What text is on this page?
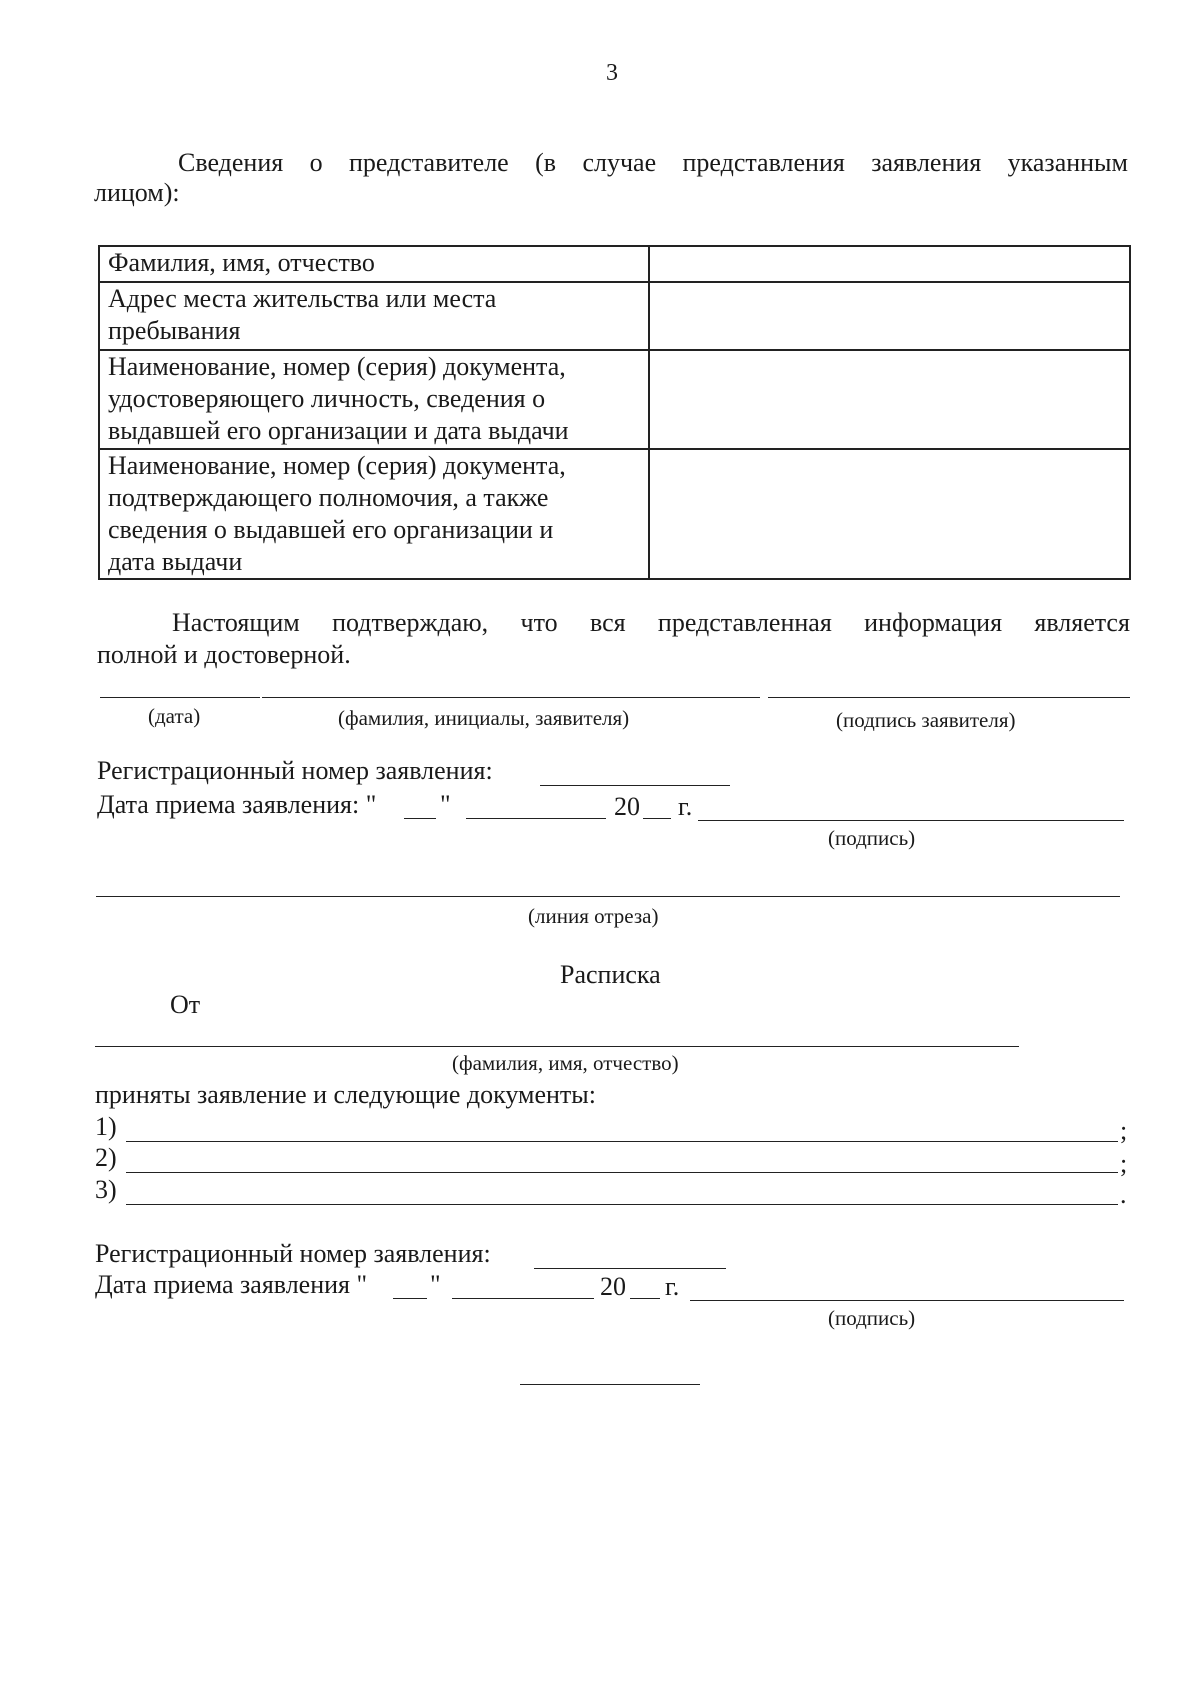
3
Сведения о представителе (в случае представления заявления указанным
лицом):
Фамилия, имя, отчество	

Адрес места жительства или места
пребывания	

Наименование, номер (серия) документа,
удостоверяющего личность, сведения о
выдавшей его организации и дата выдачи	

Наименование, номер (серия) документа,
подтверждающего полномочия, а также
сведения о выдавшей его организации и
дата выдачи	

Настоящим подтверждаю, что вся представленная информация является
полной и достоверной.
(дата)	(фамилия, инициалы, заявителя)	(подпись заявителя)
Регистрационный номер заявления:
Дата приема заявления: " "	20 г.
(подпись)
(линия отреза)
Расписка
От
(фамилия, имя, отчество)
приняты заявление и следующие документы:
1)	;
2)	;
3)	.
Регистрационный номер заявления:
Дата приема заявления " "	20 г.
(подпись)
